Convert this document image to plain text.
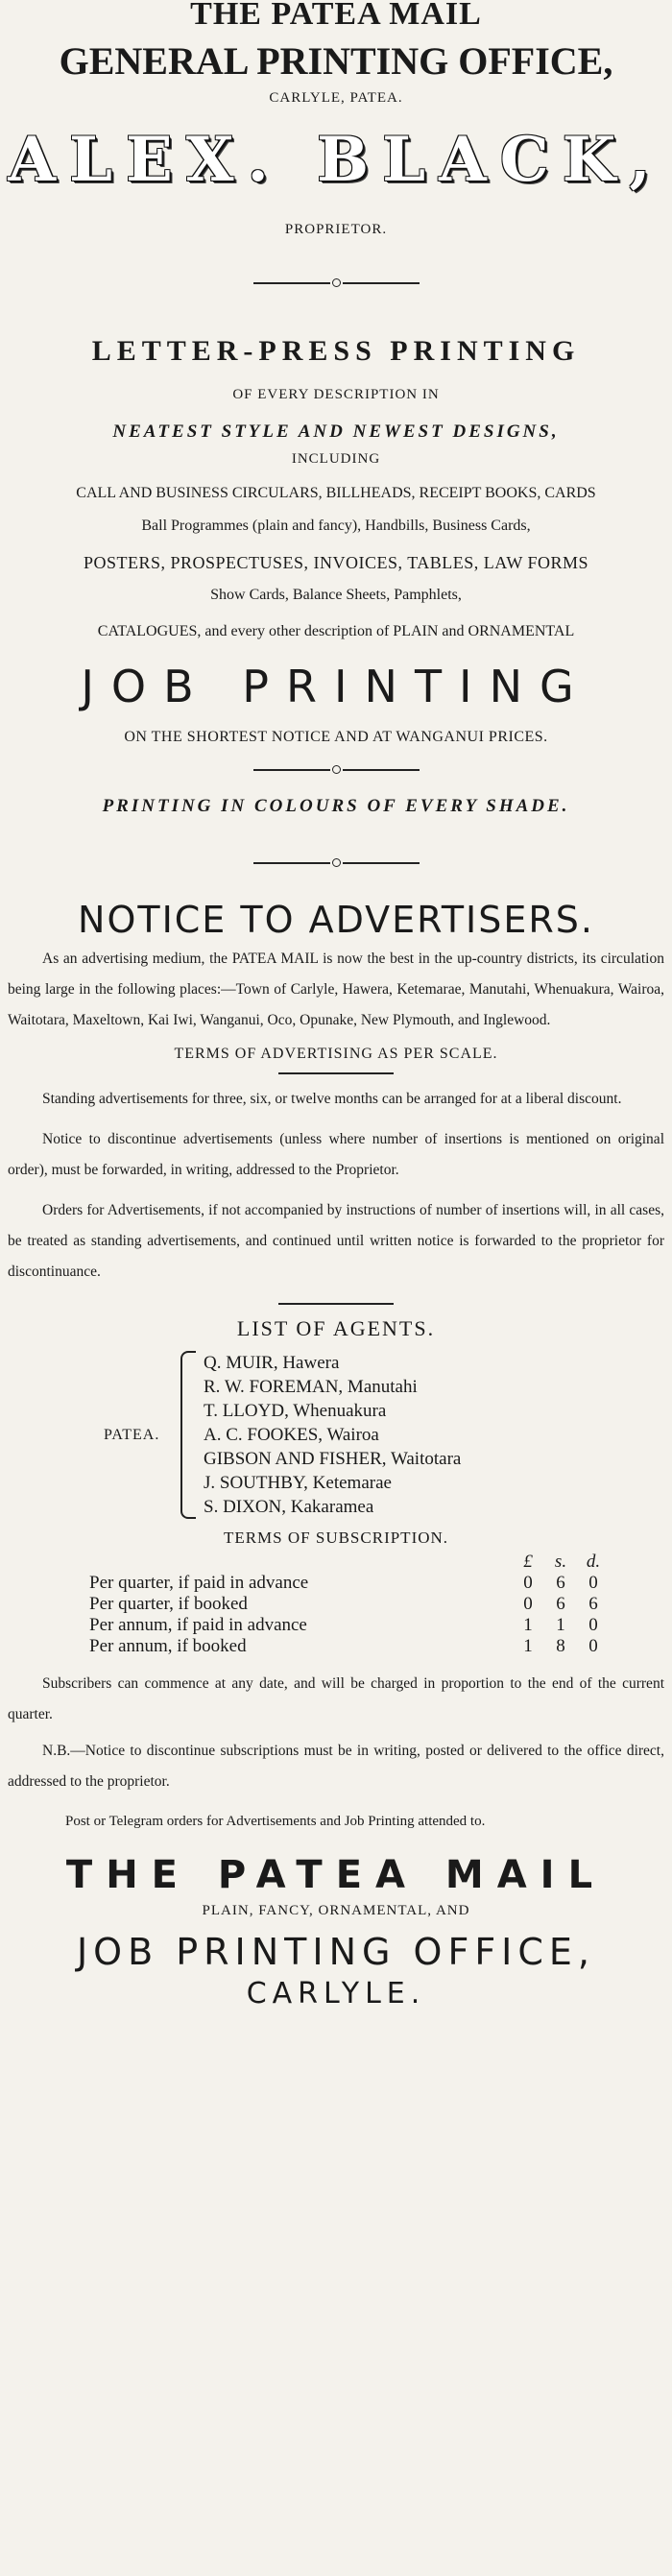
THE PATEA MAIL
GENERAL PRINTING OFFICE,
CARLYLE, PATEA.
ALEX. BLACK,
PROPRIETOR.
LETTER-PRESS PRINTING
OF EVERY DESCRIPTION IN
NEATEST STYLE AND NEWEST DESIGNS,
INCLUDING
CALL AND BUSINESS CIRCULARS, BILLHEADS, RECEIPT BOOKS, CARDS
Ball Programmes (plain and fancy), Handbills, Business Cards,
POSTERS, PROSPECTUSES, INVOICES, TABLES, LAW FORMS
Show Cards, Balance Sheets, Pamphlets,
CATALOGUES, and every other description of PLAIN and ORNAMENTAL
JOB PRINTING
ON THE SHORTEST NOTICE AND AT WANGANUI PRICES.
PRINTING IN COLOURS OF EVERY SHADE.
NOTICE TO ADVERTISERS.
As an advertising medium, the PATEA MAIL is now the best in the up-country districts, its circulation being large in the following places:—Town of Carlyle, Hawera, Ketemarae, Manutahi, Whenuakura, Wairoa, Waitotara, Maxeltown, Kai Iwi, Wanganui, Oco, Opunake, New Plymouth, and Inglewood.
TERMS OF ADVERTISING AS PER SCALE.
Standing advertisements for three, six, or twelve months can be arranged for at a liberal discount.
Notice to discontinue advertisements (unless where number of insertions is mentioned on original order), must be forwarded, in writing, addressed to the Proprietor.
Orders for Advertisements, if not accompanied by instructions of number of insertions will, in all cases, be treated as standing advertisements, and continued until written notice is forwarded to the proprietor for discontinuance.
LIST OF AGENTS.
PATEA.
Q. MUIR, Hawera
R. W. FOREMAN, Manutahi
T. LLOYD, Whenuakura
A. C. FOOKES, Wairoa
GIBSON AND FISHER, Waitotara
J. SOUTHBY, Ketemarae
S. DIXON, Kakaramea
TERMS OF SUBSCRIPTION.
£	s.	d.
Per quarter, if paid in advance	0	6	0
Per quarter, if booked	0	6	6
Per annum, if paid in advance	1	1	0
Per annum, if booked	1	8	0
Subscribers can commence at any date, and will be charged in proportion to the end of the current quarter.
N.B.—Notice to discontinue subscriptions must be in writing, posted or delivered to the office direct, addressed to the proprietor.
Post or Telegram orders for Advertisements and Job Printing attended to.
THE PATEA MAIL
PLAIN, FANCY, ORNAMENTAL, AND
JOB PRINTING OFFICE,
CARLYLE.
